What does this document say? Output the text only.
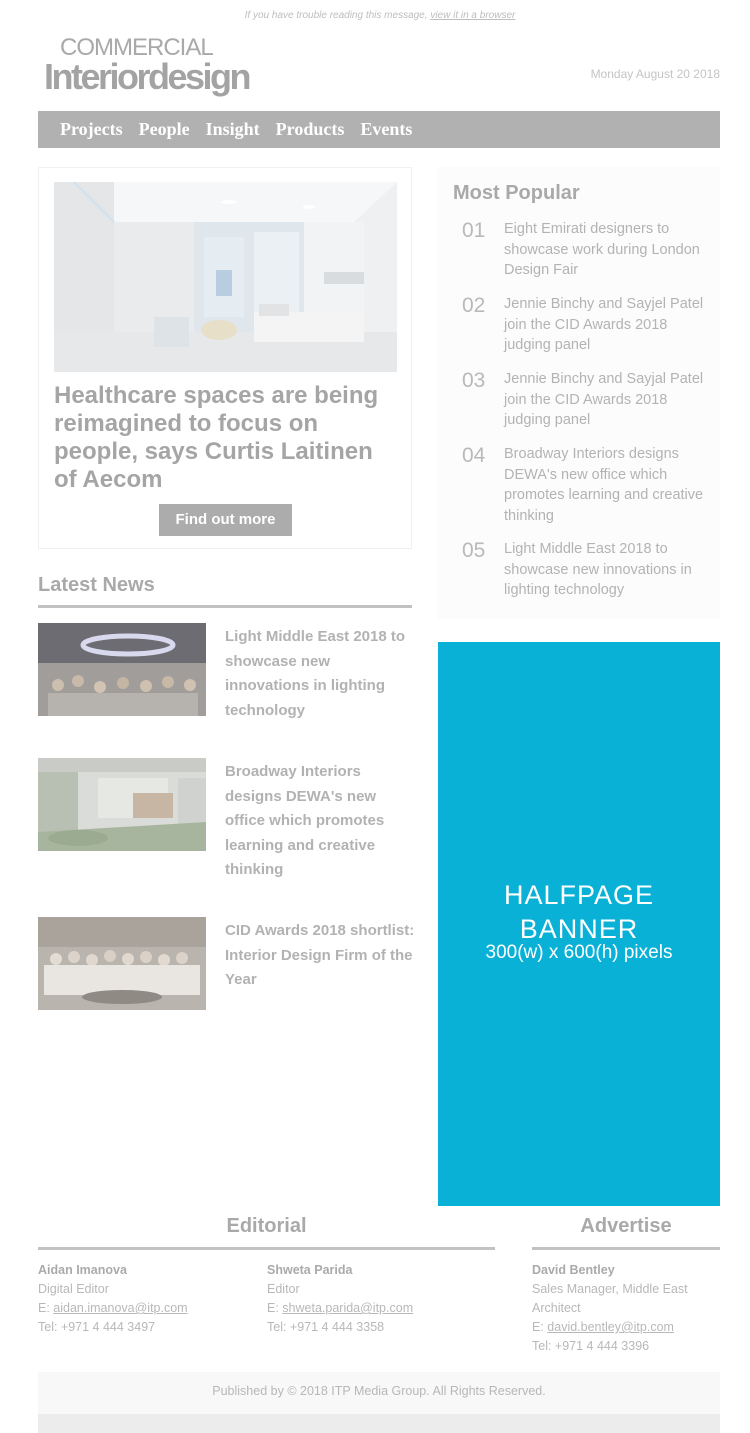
If you have trouble reading this message, view it in a browser
COMMERCIAL
Interiordesign	Monday August 20 2018
Projects People Insight Products Events
Healthcare spaces are being reimagined to focus on people, says Curtis Laitinen of Aecom
Find out more
Most Popular
01 Eight Emirati designers to showcase work during London Design Fair
02 Jennie Binchy and Sayjel Patel join the CID Awards 2018 judging panel
03 Jennie Binchy and Sayjal Patel join the CID Awards 2018 judging panel
04 Broadway Interiors designs DEWA's new office which promotes learning and creative thinking
05 Light Middle East 2018 to showcase new innovations in lighting technology
Latest News
Light Middle East 2018 to showcase new innovations in lighting technology
Broadway Interiors designs DEWA's new office which promotes learning and creative thinking
CID Awards 2018 shortlist: Interior Design Firm of the Year
HALFPAGE
BANNER
300(w) x 600(h) pixels
Editorial	Advertise
Aidan Imanova
Digital Editor
E: aidan.imanova@itp.com
Tel: +971 4 444 3497
Shweta Parida
Editor
E: shweta.parida@itp.com
Tel: +971 4 444 3358
David Bentley
Sales Manager, Middle East Architect
E: david.bentley@itp.com
Tel: +971 4 444 3396
Published by © 2018 ITP Media Group. All Rights Reserved.
